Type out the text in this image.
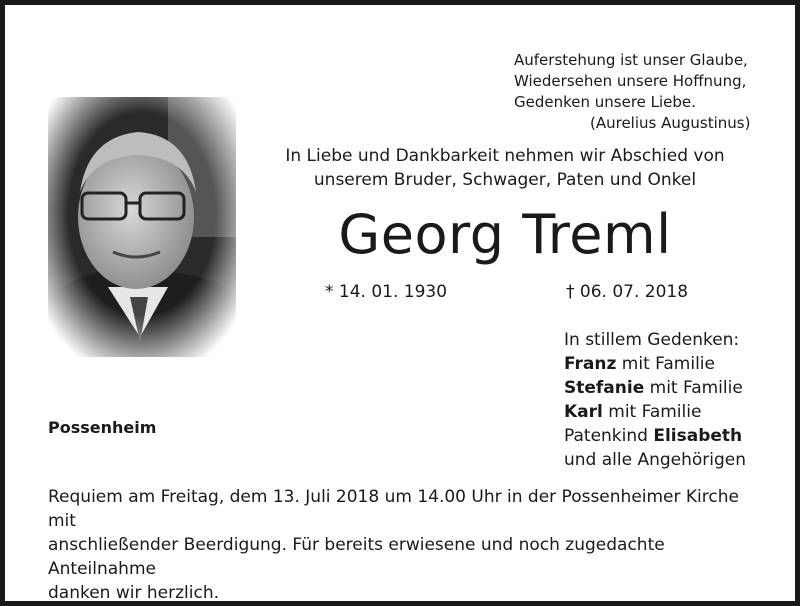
Auferstehung ist unser Glaube,
Wiedersehen unsere Hoffnung,
Gedenken unsere Liebe.
(Aurelius Augustinus)
In Liebe und Dankbarkeit nehmen wir Abschied von
unserem Bruder, Schwager, Paten und Onkel
Georg Treml
* 14. 01. 1930	† 06. 07. 2018
In stillem Gedenken:
Franz mit Familie
Stefanie mit Familie
Karl mit Familie
Patenkind Elisabeth
und alle Angehörigen
Possenheim
Requiem am Freitag, dem 13. Juli 2018 um 14.00 Uhr in der Possenheimer Kirche mit
anschließender Beerdigung. Für bereits erwiesene und noch zugedachte Anteilnahme
danken wir herzlich.
